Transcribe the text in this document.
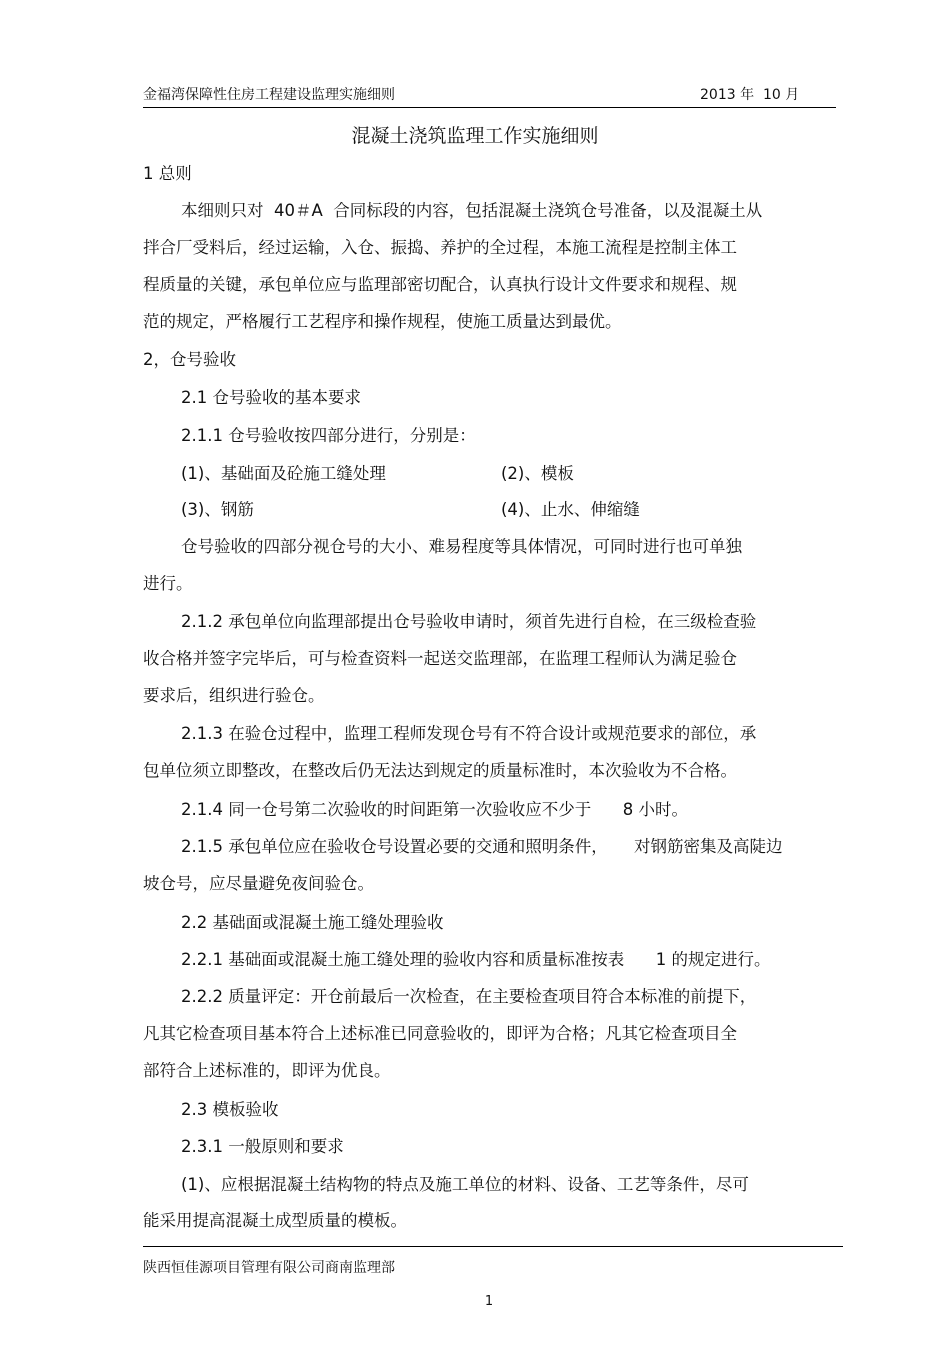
金福湾保障性住房工程建设监理实施细则	2013 年  10 月
混凝土浇筑监理工作实施细则
1 总则
本细则只对  40＃A  合同标段的内容，包括混凝土浇筑仓号准备，以及混凝土从
拌合厂受料后，经过运输，入仓、振捣、养护的全过程，本施工流程是控制主体工
程质量的关键，承包单位应与监理部密切配合，认真执行设计文件要求和规程、规
范的规定，严格履行工艺程序和操作规程，使施工质量达到最优。
2，仓号验收
2.1 仓号验收的基本要求
2.1.1 仓号验收按四部分进行，分别是：
(1)、基础面及砼施工缝处理	(2)、模板
(3)、钢筋	(4)、止水、伸缩缝
仓号验收的四部分视仓号的大小、难易程度等具体情况，可同时进行也可单独
进行。
2.1.2 承包单位向监理部提出仓号验收申请时，须首先进行自检，在三级检查验
收合格并签字完毕后，可与检查资料一起送交监理部，在监理工程师认为满足验仓
要求后，组织进行验仓。
2.1.3 在验仓过程中，监理工程师发现仓号有不符合设计或规范要求的部位，承
包单位须立即整改，在整改后仍无法达到规定的质量标准时，本次验收为不合格。
2.1.4 同一仓号第二次验收的时间距第一次验收应不少于      8 小时。
2.1.5 承包单位应在验收仓号设置必要的交通和照明条件，     对钢筋密集及高陡边
坡仓号，应尽量避免夜间验仓。
2.2 基础面或混凝土施工缝处理验收
2.2.1 基础面或混凝土施工缝处理的验收内容和质量标准按表      1 的规定进行。
2.2.2 质量评定：开仓前最后一次检查，在主要检查项目符合本标准的前提下，
凡其它检查项目基本符合上述标准已同意验收的，即评为合格；凡其它检查项目全
部符合上述标准的，即评为优良。
2.3 模板验收
2.3.1 一般原则和要求
(1)、应根据混凝土结构物的特点及施工单位的材料、设备、工艺等条件，尽可
能采用提高混凝土成型质量的模板。
陕西恒佳源项目管理有限公司商南监理部
1
